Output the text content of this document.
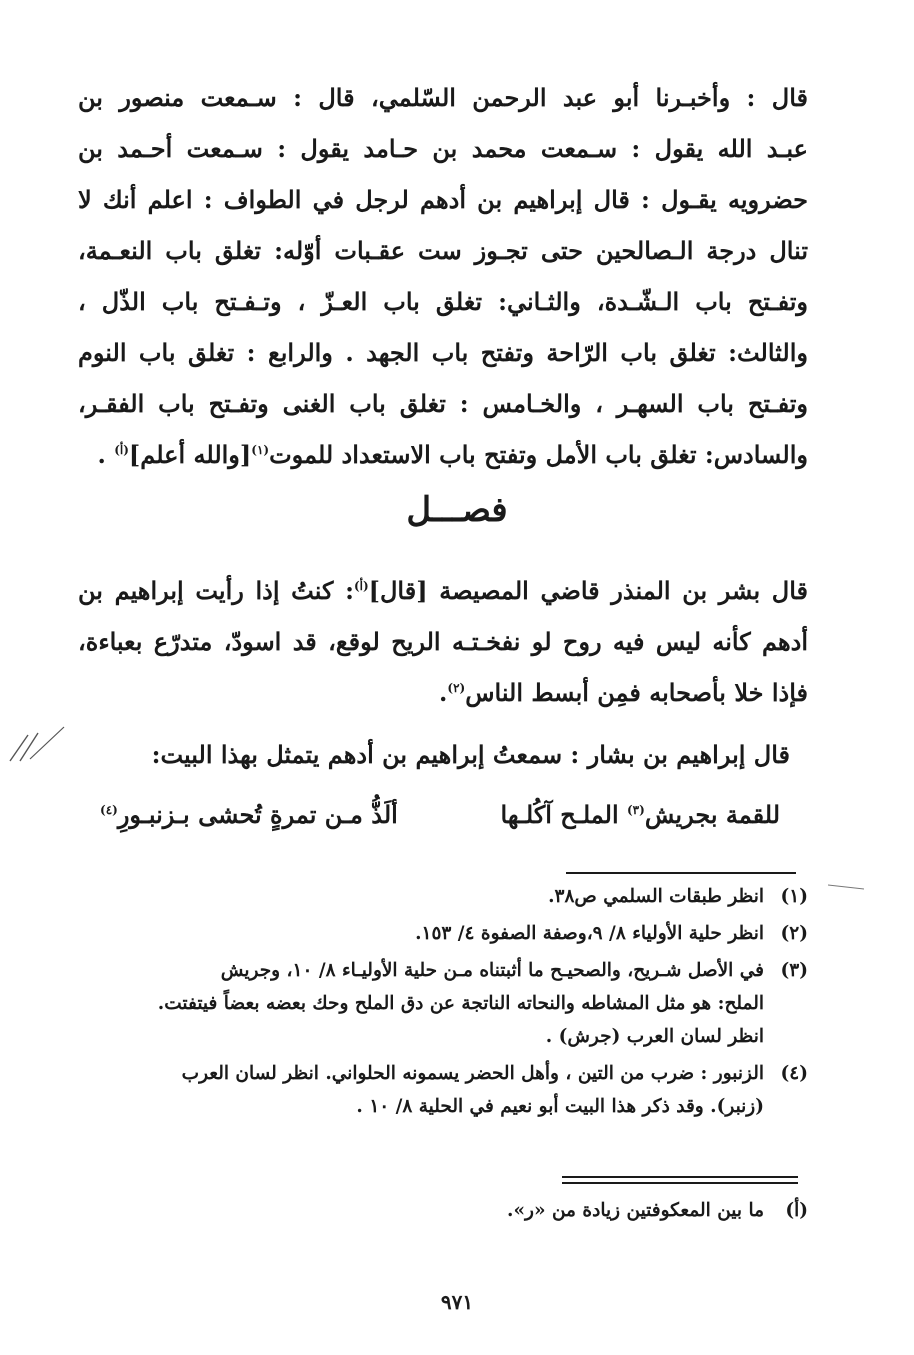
قال : وأخبـرنا أبو عبد الرحمن السّلمي، قال : سـمعت منصور بن
عبـد الله يقول : سـمعت محمد بن حـامد يقول : سـمعت أحـمد بن
حضرويه يقـول : قال إبراهيم بن أدهم لرجل في الطواف : اعلم أنك لا
تنال درجة الـصالحين حتى تجـوز ست عقـبات أوّله: تغلق باب النعـمة،
وتفـتح باب الـشّـدة، والثـاني: تغلق باب العـزّ ، وتـفـتح باب الذّل ،
والثالث: تغلق باب الرّاحة وتفتح باب الجهد . والرابع : تغلق باب النوم
وتفـتح باب السهـر ، والخـامس : تغلق باب الغنى وتفـتح باب الفقـر،
والسادس: تغلق باب الأمل وتفتح باب الاستعداد للموت$^{(١)}$[والله أعلم]$^{(أ)}$ .
فصـــل
قال بشر بن المنذر قاضي المصيصة [قال]$^{(أ)}$: كنتُ إذا رأيت إبراهيم بن
أدهم كأنه ليس فيه روح لو نفخـتـه الريح لوقع، قد اسودّ، متدرّع بعباءة،
فإذا خلا بأصحابه فمِن أبسط الناس$^{(٢)}$.
قال إبراهيم بن بشار : سمعتُ إبراهيم بن أدهم يتمثل بهذا البيت:
للقمة بجريش$^{(٣)}$ الملـح آكُلـها
ألَذُّ مـن تمرةٍ تُحشى بـزنبـورِ$^{(٤)}$
(١)
انظر طبقات السلمي ص٣٨.
(٢)
انظر حلية الأولياء ٨/ ٩،وصفة الصفوة ٤/ ١٥٣.
(٣)
في الأصل شـريح، والصحيـح ما أثبتناه مـن حلية الأوليـاء ٨/ ١٠، وجريش
الملح: هو مثل المشاطه والنحاته الناتجة عن دق الملح وحك بعضه بعضاً فيتفتت.
انظر لسان العرب (جرش) .
(٤)
الزنبور : ضرب من التين ، وأهل الحضر يسمونه الحلواني. انظر لسان العرب
(زنبر). وقد ذكر هذا البيت أبو نعيم في الحلية ٨/ ١٠ .
(أ)
ما بين المعكوفتين زيادة من «ر».
٩٧١
